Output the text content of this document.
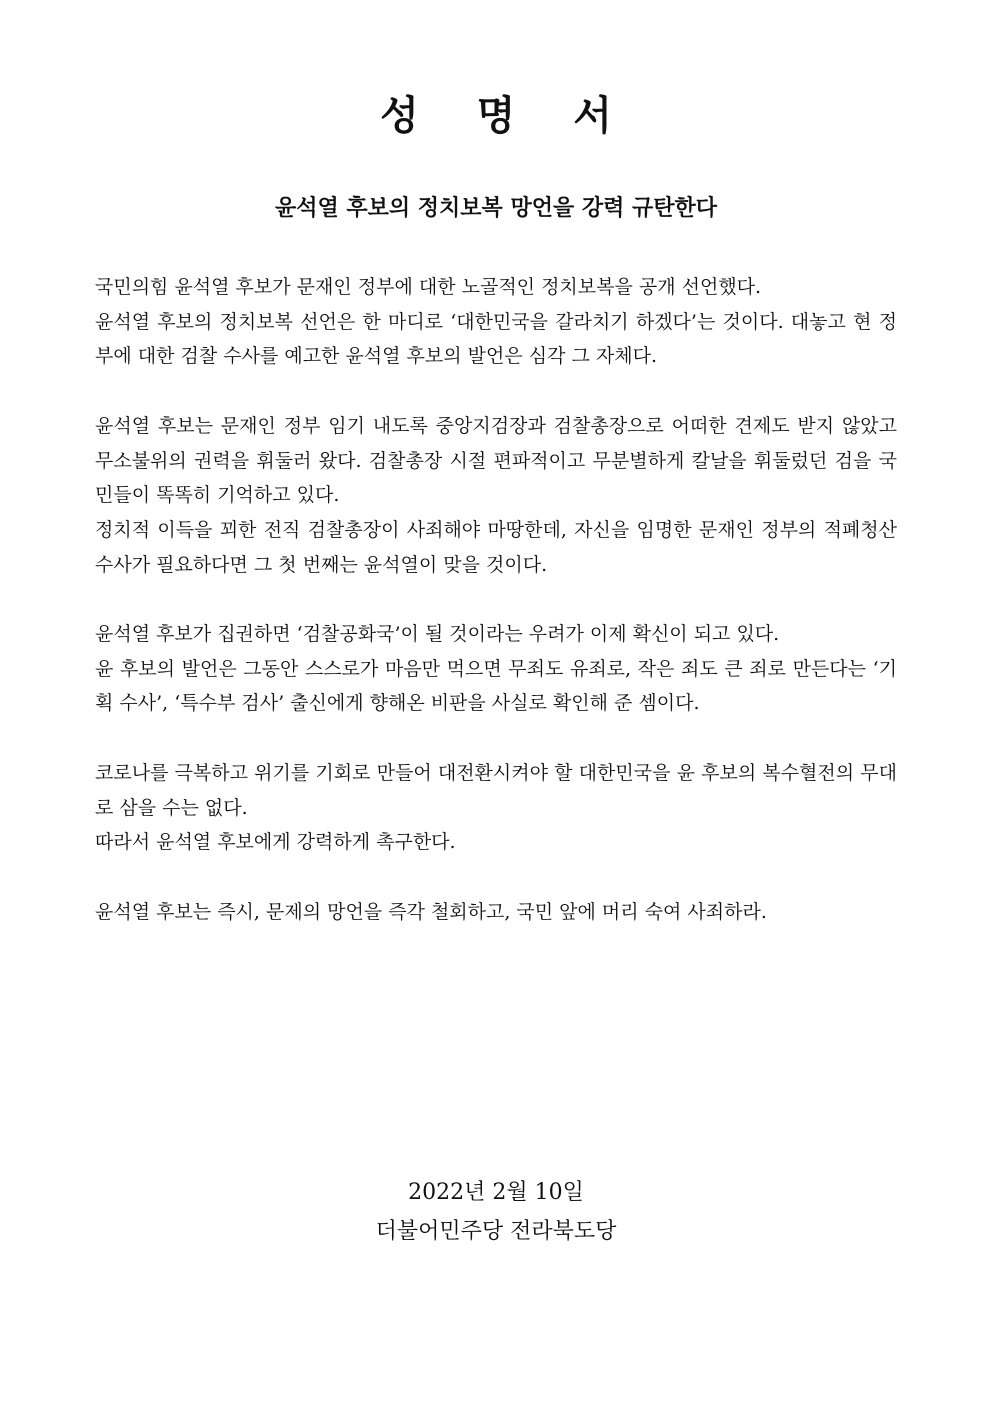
성 명 서
윤석열 후보의 정치보복 망언을 강력 규탄한다

국민의힘 윤석열 후보가 문재인 정부에 대한 노골적인 정치보복을 공개 선언했다.

윤석열 후보의 정치보복 선언은 한 마디로 ‘대한민국을 갈라치기 하겠다’는 것이다. 대놓고 현 정부에 대한 검찰 수사를 예고한 윤석열 후보의 발언은 심각 그 자체다.

윤석열 후보는 문재인 정부 임기 내도록 중앙지검장과 검찰총장으로 어떠한 견제도 받지 않았고 무소불위의 권력을 휘둘러 왔다. 검찰총장 시절 편파적이고 무분별하게 칼날을 휘둘렀던 검을 국민들이 똑똑히 기억하고 있다.

정치적 이득을 꾀한 전직 검찰총장이 사죄해야 마땅한데, 자신을 임명한 문재인 정부의 적폐청산 수사가 필요하다면 그 첫 번째는 윤석열이 맞을 것이다.

윤석열 후보가 집권하면 ‘검찰공화국’이 될 것이라는 우려가 이제 확신이 되고 있다.

윤 후보의 발언은 그동안 스스로가 마음만 먹으면 무죄도 유죄로, 작은 죄도 큰 죄로 만든다는 ‘기획 수사’, ‘특수부 검사’ 출신에게 향해온 비판을 사실로 확인해 준 셈이다.

코로나를 극복하고 위기를 기회로 만들어 대전환시켜야 할 대한민국을 윤 후보의 복수혈전의 무대로 삼을 수는 없다.

따라서 윤석열 후보에게 강력하게 촉구한다.

윤석열 후보는 즉시, 문제의 망언을 즉각 철회하고, 국민 앞에 머리 숙여 사죄하라.

2022년 2월 10일
더불어민주당 전라북도당
